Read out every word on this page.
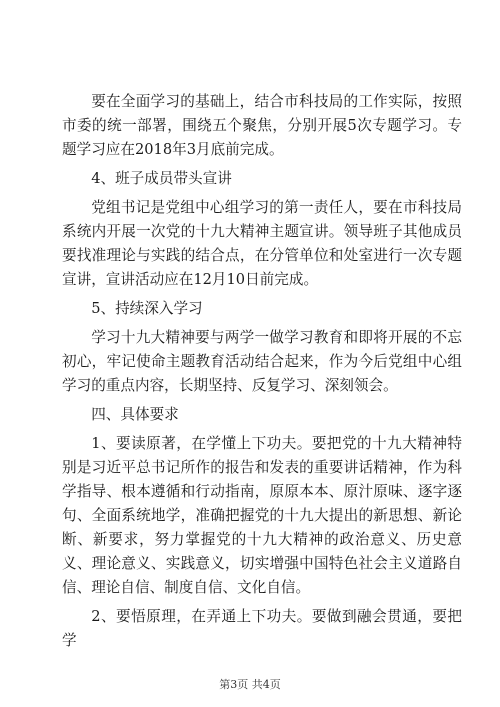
要在全面学习的基础上，结合市科技局的工作实际，按照市委的统一部署，围绕五个聚焦，分别开展5次专题学习。专题学习应在2018年3月底前完成。

4、班子成员带头宣讲

党组书记是党组中心组学习的第一责任人，要在市科技局系统内开展一次党的十九大精神主题宣讲。领导班子其他成员要找准理论与实践的结合点，在分管单位和处室进行一次专题宣讲，宣讲活动应在12月10日前完成。

5、持续深入学习

学习十九大精神要与两学一做学习教育和即将开展的不忘初心，牢记使命主题教育活动结合起来，作为今后党组中心组学习的重点内容，长期坚持、反复学习、深刻领会。

四、具体要求

1、要读原著，在学懂上下功夫。要把党的十九大精神特别是习近平总书记所作的报告和发表的重要讲话精神，作为科学指导、根本遵循和行动指南，原原本本、原汁原味、逐字逐句、全面系统地学，准确把握党的十九大提出的新思想、新论断、新要求，努力掌握党的十九大精神的政治意义、历史意义、理论意义、实践意义，切实增强中国特色社会主义道路自信、理论自信、制度自信、文化自信。

2、要悟原理，在弄通上下功夫。要做到融会贯通，要把学

第3页 共4页
